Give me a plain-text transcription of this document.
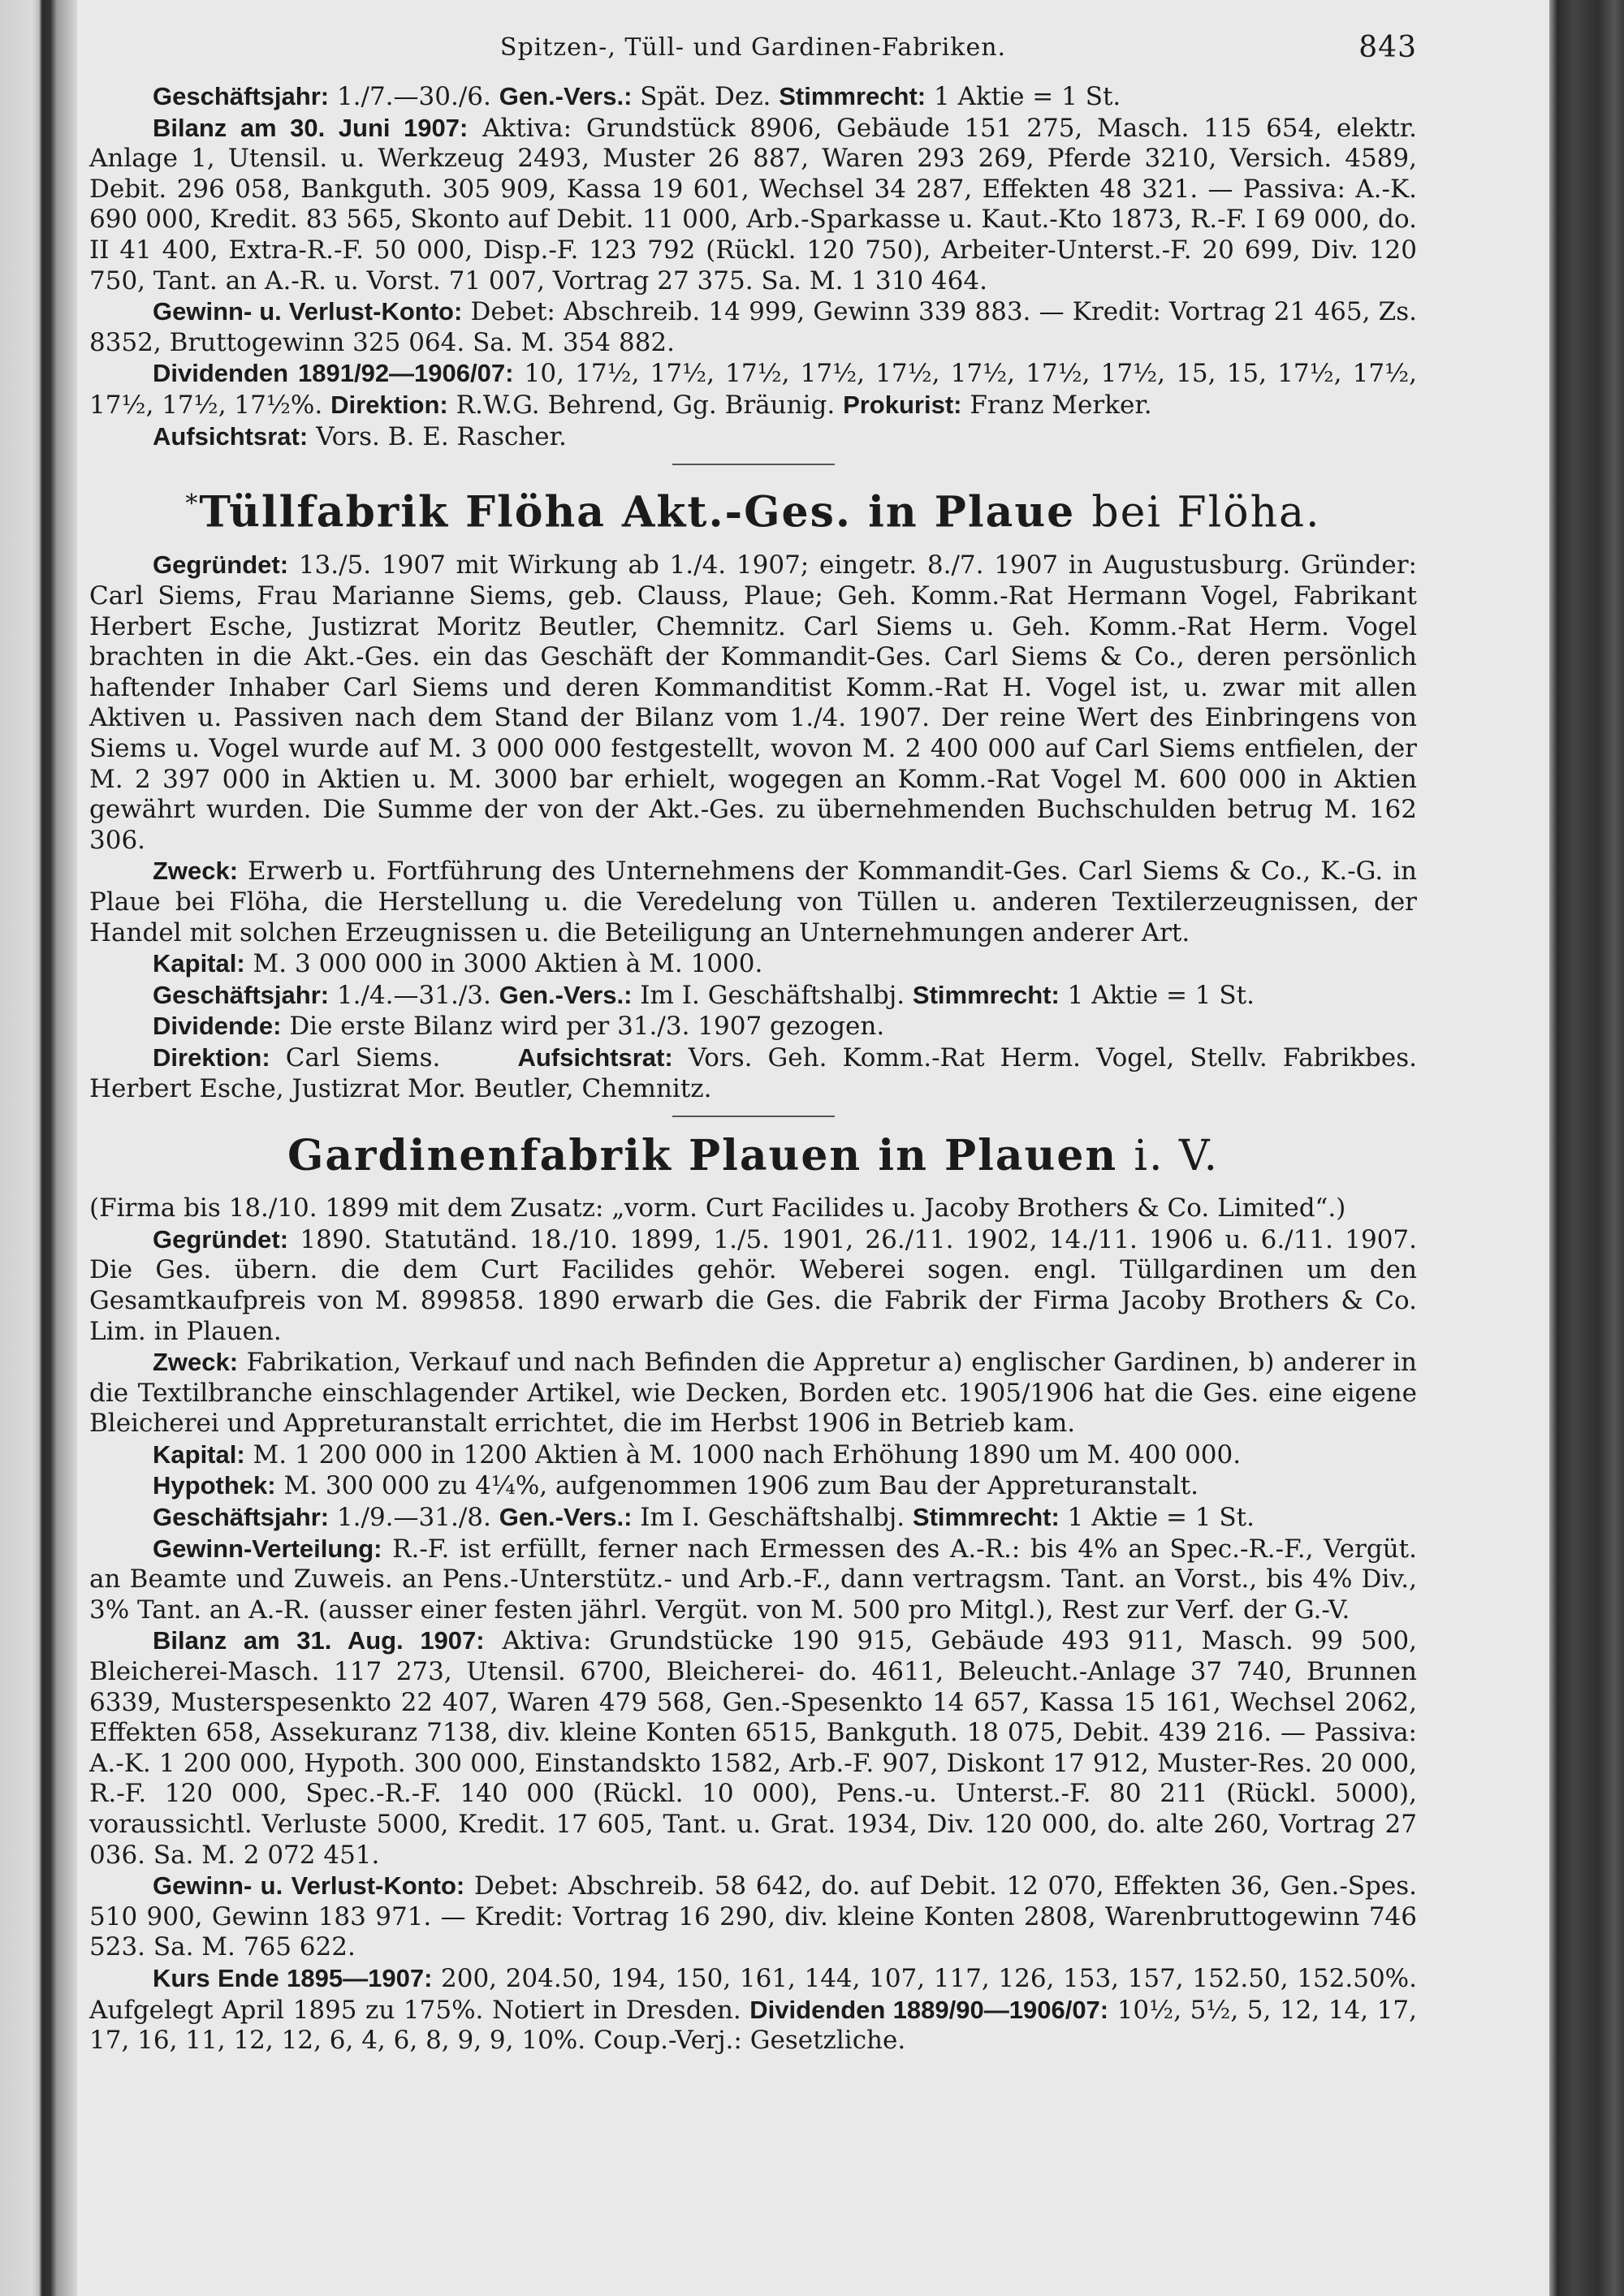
Spitzen-, Tüll- und Gardinen-Fabriken.	843

Geschäftsjahr: 1./7.—30./6. Gen.-Vers.: Spät. Dez. Stimmrecht: 1 Aktie = 1 St.

Bilanz am 30. Juni 1907: Aktiva: Grundstück 8906, Gebäude 151 275, Masch. 115 654, elektr. Anlage 1, Utensil. u. Werkzeug 2493, Muster 26 887, Waren 293 269, Pferde 3210, Versich. 4589, Debit. 296 058, Bankguth. 305 909, Kassa 19 601, Wechsel 34 287, Effekten 48 321. — Passiva: A.-K. 690 000, Kredit. 83 565, Skonto auf Debit. 11 000, Arb.-Sparkasse u. Kaut.-Kto 1873, R.-F. I 69 000, do. II 41 400, Extra-R.-F. 50 000, Disp.-F. 123 792 (Rückl. 120 750), Arbeiter-Unterst.-F. 20 699, Div. 120 750, Tant. an A.-R. u. Vorst. 71 007, Vortrag 27 375. Sa. M. 1 310 464.

Gewinn- u. Verlust-Konto: Debet: Abschreib. 14 999, Gewinn 339 883. — Kredit: Vortrag 21 465, Zs. 8352, Bruttogewinn 325 064. Sa. M. 354 882.

Dividenden 1891/92—1906/07: 10, 17½, 17½, 17½, 17½, 17½, 17½, 17½, 17½, 15, 15, 17½, 17½, 17½, 17½, 17½%. Direktion: R.W.G. Behrend, Gg. Bräunig. Prokurist: Franz Merker.

Aufsichtsrat: Vors. B. E. Rascher.

*Tüllfabrik Flöha Akt.-Ges. in Plaue bei Flöha.

Gegründet: 13./5. 1907 mit Wirkung ab 1./4. 1907; eingetr. 8./7. 1907 in Augustusburg. Gründer: Carl Siems, Frau Marianne Siems, geb. Clauss, Plaue; Geh. Komm.-Rat Hermann Vogel, Fabrikant Herbert Esche, Justizrat Moritz Beutler, Chemnitz. Carl Siems u. Geh. Komm.-Rat Herm. Vogel brachten in die Akt.-Ges. ein das Geschäft der Kommandit-Ges. Carl Siems & Co., deren persönlich haftender Inhaber Carl Siems und deren Kommanditist Komm.-Rat H. Vogel ist, u. zwar mit allen Aktiven u. Passiven nach dem Stand der Bilanz vom 1./4. 1907. Der reine Wert des Einbringens von Siems u. Vogel wurde auf M. 3 000 000 festgestellt, wovon M. 2 400 000 auf Carl Siems entfielen, der M. 2 397 000 in Aktien u. M. 3000 bar erhielt, wogegen an Komm.-Rat Vogel M. 600 000 in Aktien gewährt wurden. Die Summe der von der Akt.-Ges. zu übernehmenden Buchschulden betrug M. 162 306.

Zweck: Erwerb u. Fortführung des Unternehmens der Kommandit-Ges. Carl Siems & Co., K.-G. in Plaue bei Flöha, die Herstellung u. die Veredelung von Tüllen u. anderen Textilerzeugnissen, der Handel mit solchen Erzeugnissen u. die Beteiligung an Unternehmungen anderer Art.

Kapital: M. 3 000 000 in 3000 Aktien à M. 1000.

Geschäftsjahr: 1./4.—31./3. Gen.-Vers.: Im I. Geschäftshalbj. Stimmrecht: 1 Aktie = 1 St.

Dividende: Die erste Bilanz wird per 31./3. 1907 gezogen.

Direktion: Carl Siems.	Aufsichtsrat: Vors. Geh. Komm.-Rat Herm. Vogel, Stellv. Fabrikbes. Herbert Esche, Justizrat Mor. Beutler, Chemnitz.

Gardinenfabrik Plauen in Plauen i. V.

(Firma bis 18./10. 1899 mit dem Zusatz: „vorm. Curt Facilides u. Jacoby Brothers & Co. Limited“.)

Gegründet: 1890. Statutänd. 18./10. 1899, 1./5. 1901, 26./11. 1902, 14./11. 1906 u. 6./11. 1907. Die Ges. übern. die dem Curt Facilides gehör. Weberei sogen. engl. Tüllgardinen um den Gesamtkaufpreis von M. 899858. 1890 erwarb die Ges. die Fabrik der Firma Jacoby Brothers & Co. Lim. in Plauen.

Zweck: Fabrikation, Verkauf und nach Befinden die Appretur a) englischer Gardinen, b) anderer in die Textilbranche einschlagender Artikel, wie Decken, Borden etc. 1905/1906 hat die Ges. eine eigene Bleicherei und Appreturanstalt errichtet, die im Herbst 1906 in Betrieb kam.

Kapital: M. 1 200 000 in 1200 Aktien à M. 1000 nach Erhöhung 1890 um M. 400 000.

Hypothek: M. 300 000 zu 4¼%, aufgenommen 1906 zum Bau der Appreturanstalt.

Geschäftsjahr: 1./9.—31./8. Gen.-Vers.: Im I. Geschäftshalbj. Stimmrecht: 1 Aktie = 1 St.

Gewinn-Verteilung: R.-F. ist erfüllt, ferner nach Ermessen des A.-R.: bis 4% an Spec.-R.-F., Vergüt. an Beamte und Zuweis. an Pens.-Unterstütz.- und Arb.-F., dann vertragsm. Tant. an Vorst., bis 4% Div., 3% Tant. an A.-R. (ausser einer festen jährl. Vergüt. von M. 500 pro Mitgl.), Rest zur Verf. der G.-V.

Bilanz am 31. Aug. 1907: Aktiva: Grundstücke 190 915, Gebäude 493 911, Masch. 99 500, Bleicherei-Masch. 117 273, Utensil. 6700, Bleicherei- do. 4611, Beleucht.-Anlage 37 740, Brunnen 6339, Musterspesenkto 22 407, Waren 479 568, Gen.-Spesenkto 14 657, Kassa 15 161, Wechsel 2062, Effekten 658, Assekuranz 7138, div. kleine Konten 6515, Bankguth. 18 075, Debit. 439 216. — Passiva: A.-K. 1 200 000, Hypoth. 300 000, Einstandskto 1582, Arb.-F. 907, Diskont 17 912, Muster-Res. 20 000, R.-F. 120 000, Spec.-R.-F. 140 000 (Rückl. 10 000), Pens.-u. Unterst.-F. 80 211 (Rückl. 5000), voraussichtl. Verluste 5000, Kredit. 17 605, Tant. u. Grat. 1934, Div. 120 000, do. alte 260, Vortrag 27 036. Sa. M. 2 072 451.

Gewinn- u. Verlust-Konto: Debet: Abschreib. 58 642, do. auf Debit. 12 070, Effekten 36, Gen.-Spes. 510 900, Gewinn 183 971. — Kredit: Vortrag 16 290, div. kleine Konten 2808, Warenbruttogewinn 746 523. Sa. M. 765 622.

Kurs Ende 1895—1907: 200, 204.50, 194, 150, 161, 144, 107, 117, 126, 153, 157, 152.50, 152.50%. Aufgelegt April 1895 zu 175%. Notiert in Dresden. Dividenden 1889/90—1906/07: 10½, 5½, 5, 12, 14, 17, 17, 16, 11, 12, 12, 6, 4, 6, 8, 9, 9, 10%. Coup.-Verj.: Gesetzliche.
